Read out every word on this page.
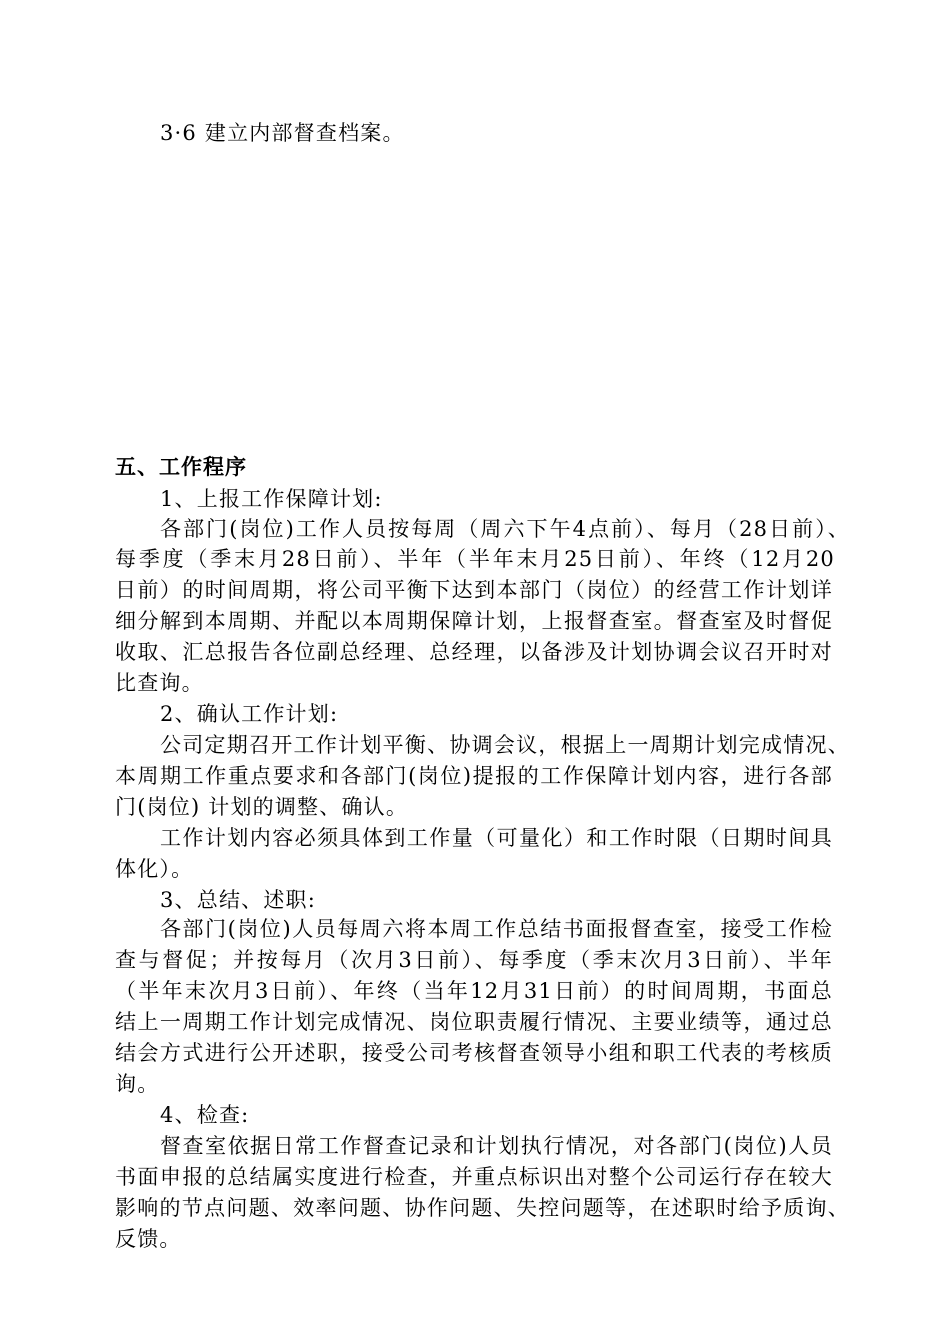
3·6 建立内部督查档案。
五、工作程序
1、上报工作保障计划:
各部门(岗位)工作人员按每周（周六下午4点前）、每月（28日前）、
每季度（季末月28日前）、半年（半年末月25日前）、年终（12月20
日前）的时间周期，将公司平衡下达到本部门（岗位）的经营工作计划详
细分解到本周期、并配以本周期保障计划，上报督查室。督查室及时督促
收取、汇总报告各位副总经理、总经理，以备涉及计划协调会议召开时对
比查询。
2、确认工作计划:
公司定期召开工作计划平衡、协调会议，根据上一周期计划完成情况、
本周期工作重点要求和各部门(岗位)提报的工作保障计划内容，进行各部
门(岗位) 计划的调整、确认。
工作计划内容必须具体到工作量（可量化）和工作时限（日期时间具
体化）。
3、总结、述职:
各部门(岗位)人员每周六将本周工作总结书面报督查室，接受工作检
查与督促；并按每月（次月3日前）、每季度（季末次月3日前）、半年
（半年末次月3日前）、年终（当年12月31日前）的时间周期，书面总
结上一周期工作计划完成情况、岗位职责履行情况、主要业绩等，通过总
结会方式进行公开述职，接受公司考核督查领导小组和职工代表的考核质
询。
4、检查:
督查室依据日常工作督查记录和计划执行情况，对各部门(岗位)人员
书面申报的总结属实度进行检查，并重点标识出对整个公司运行存在较大
影响的节点问题、效率问题、协作问题、失控问题等，在述职时给予质询、
反馈。
